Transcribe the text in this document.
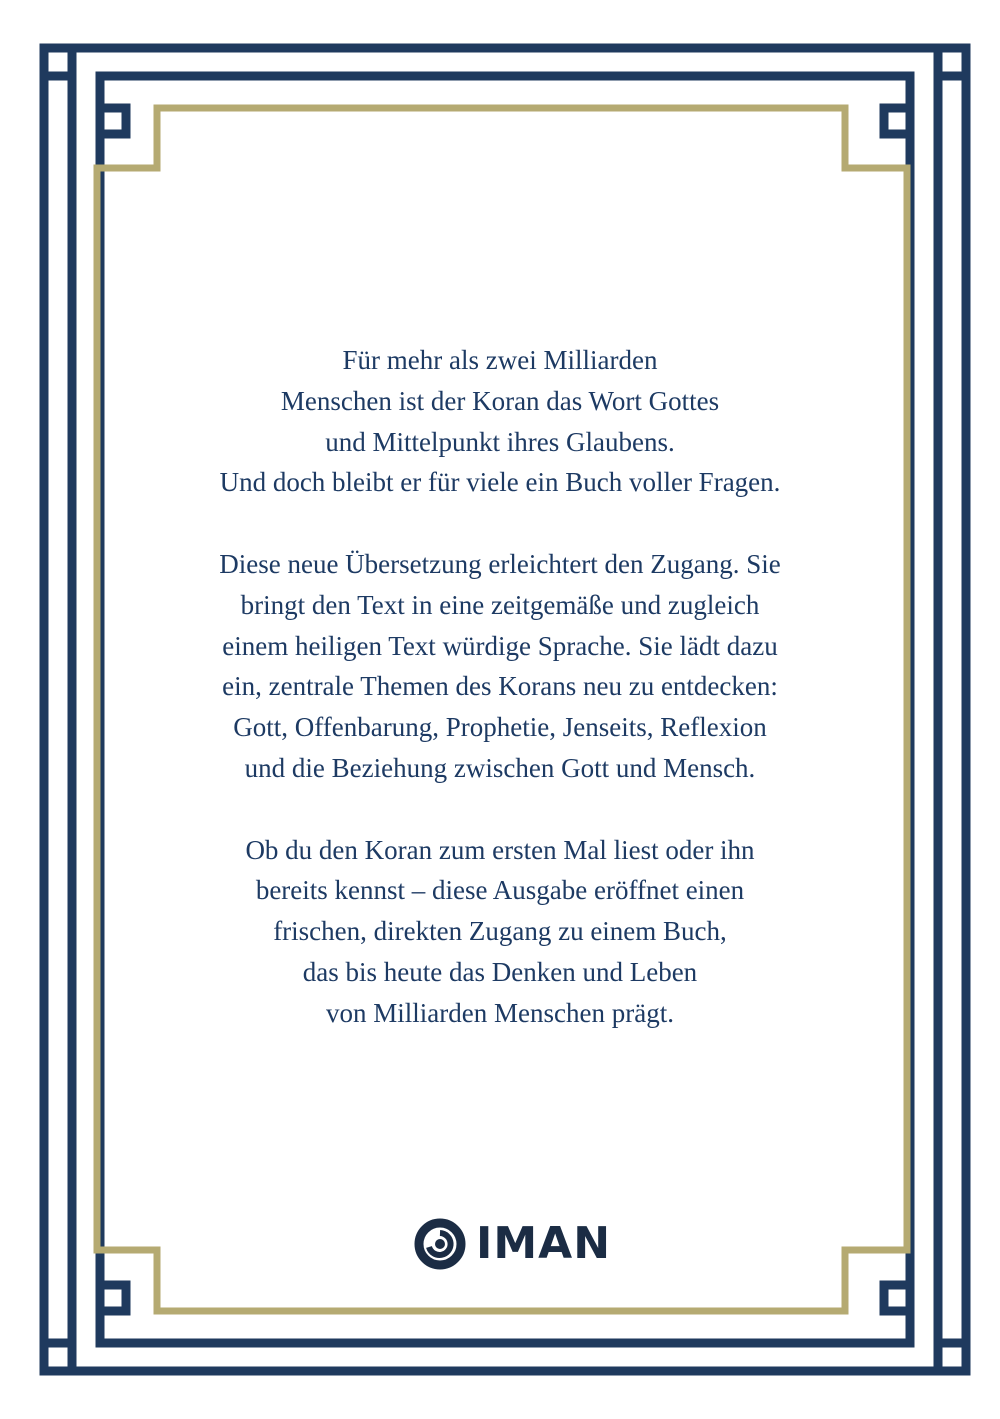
Für mehr als zwei Milliarden
Menschen ist der Koran das Wort Gottes
und Mittelpunkt ihres Glaubens.
Und doch bleibt er für viele ein Buch voller Fragen.

Diese neue Übersetzung erleichtert den Zugang. Sie
bringt den Text in eine zeitgemäße und zugleich
einem heiligen Text würdige Sprache. Sie lädt dazu
ein, zentrale Themen des Korans neu zu entdecken:
Gott, Offenbarung, Prophetie, Jenseits, Reflexion
und die Beziehung zwischen Gott und Mensch.

Ob du den Koran zum ersten Mal liest oder ihn
bereits kennst – diese Ausgabe eröffnet einen
frischen, direkten Zugang zu einem Buch,
das bis heute das Denken und Leben
von Milliarden Menschen prägt.

IMAN
